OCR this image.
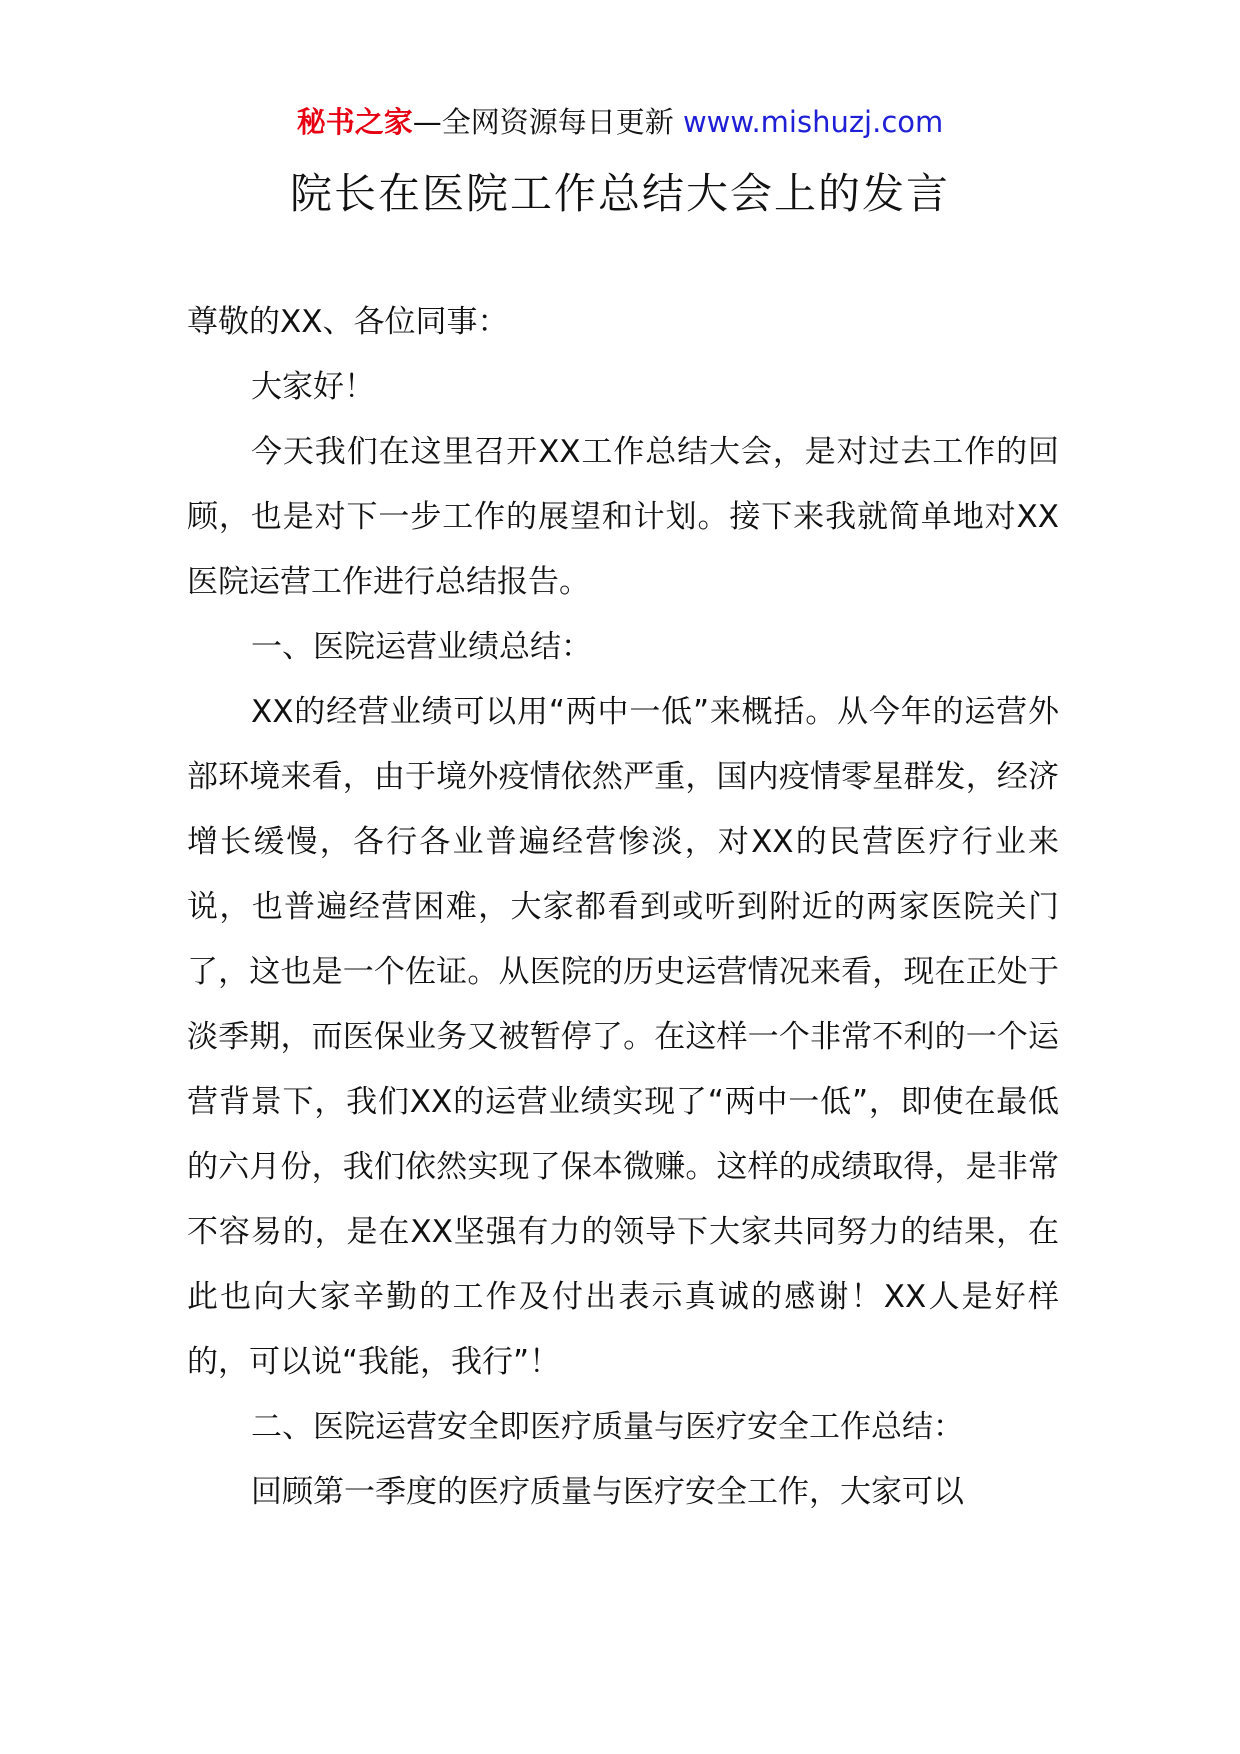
秘书之家—全网资源每日更新 www.mishuzj.com
院长在医院工作总结大会上的发言

尊敬的XX、各位同事：

大家好！

今天我们在这里召开XX工作总结大会，是对过去工作的回顾，也是对下一步工作的展望和计划。接下来我就简单地对XX医院运营工作进行总结报告。

一、医院运营业绩总结：

XX的经营业绩可以用“两中一低”来概括。从今年的运营外部环境来看，由于境外疫情依然严重，国内疫情零星群发，经济增长缓慢，各行各业普遍经营惨淡，对XX的民营医疗行业来说，也普遍经营困难，大家都看到或听到附近的两家医院关门了，这也是一个佐证。从医院的历史运营情况来看，现在正处于淡季期，而医保业务又被暂停了。在这样一个非常不利的一个运营背景下，我们XX的运营业绩实现了“两中一低”，即使在最低的六月份，我们依然实现了保本微赚。这样的成绩取得，是非常不容易的，是在XX坚强有力的领导下大家共同努力的结果，在此也向大家辛勤的工作及付出表示真诚的感谢！XX人是好样的，可以说“我能，我行”！

二、医院运营安全即医疗质量与医疗安全工作总结：

回顾第一季度的医疗质量与医疗安全工作，大家可以
